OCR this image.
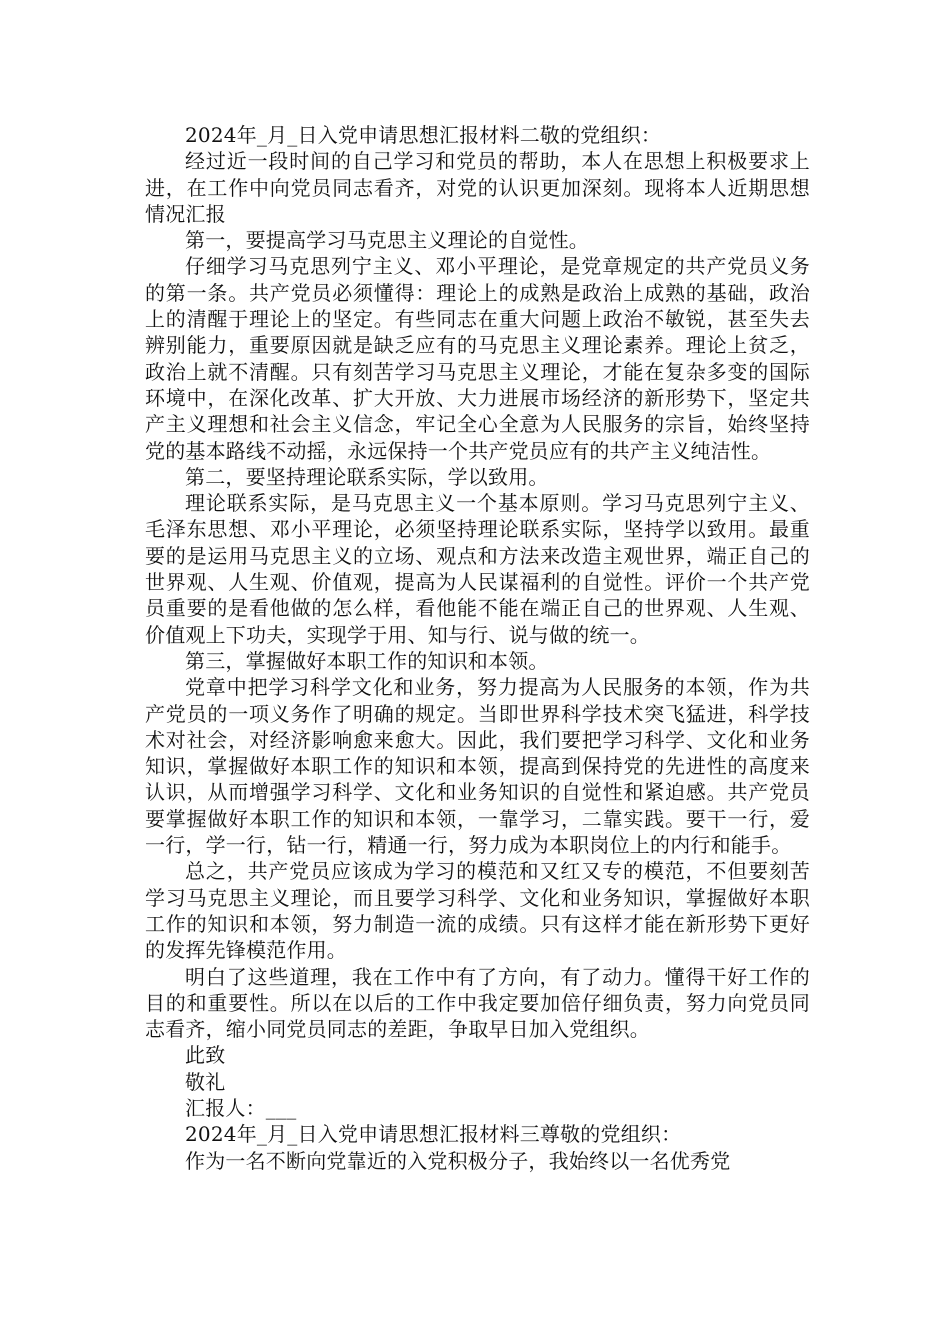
2024年_月_日入党申请思想汇报材料二敬的党组织：

经过近一段时间的自己学习和党员的帮助，本人在思想上积极要求上进，在工作中向党员同志看齐，对党的认识更加深刻。现将本人近期思想情况汇报

第一，要提高学习马克思主义理论的自觉性。

仔细学习马克思列宁主义、邓小平理论，是党章规定的共产党员义务的第一条。共产党员必须懂得：理论上的成熟是政治上成熟的基础，政治上的清醒于理论上的坚定。有些同志在重大问题上政治不敏锐，甚至失去辨别能力，重要原因就是缺乏应有的马克思主义理论素养。理论上贫乏，政治上就不清醒。只有刻苦学习马克思主义理论，才能在复杂多变的国际环境中，在深化改革、扩大开放、大力进展市场经济的新形势下，坚定共产主义理想和社会主义信念，牢记全心全意为人民服务的宗旨，始终坚持党的基本路线不动摇，永远保持一个共产党员应有的共产主义纯洁性。

第二，要坚持理论联系实际，学以致用。

理论联系实际，是马克思主义一个基本原则。学习马克思列宁主义、毛泽东思想、邓小平理论，必须坚持理论联系实际，坚持学以致用。最重要的是运用马克思主义的立场、观点和方法来改造主观世界，端正自己的世界观、人生观、价值观，提高为人民谋福利的自觉性。评价一个共产党员重要的是看他做的怎么样，看他能不能在端正自己的世界观、人生观、价值观上下功夫，实现学于用、知与行、说与做的统一。

第三，掌握做好本职工作的知识和本领。

党章中把学习科学文化和业务，努力提高为人民服务的本领，作为共产党员的一项义务作了明确的规定。当即世界科学技术突飞猛进，科学技术对社会，对经济影响愈来愈大。因此，我们要把学习科学、文化和业务知识，掌握做好本职工作的知识和本领，提高到保持党的先进性的高度来认识，从而增强学习科学、文化和业务知识的自觉性和紧迫感。共产党员要掌握做好本职工作的知识和本领，一靠学习，二靠实践。要干一行，爱一行，学一行，钻一行，精通一行，努力成为本职岗位上的内行和能手。

总之，共产党员应该成为学习的模范和又红又专的模范，不但要刻苦学习马克思主义理论，而且要学习科学、文化和业务知识，掌握做好本职工作的知识和本领，努力制造一流的成绩。只有这样才能在新形势下更好的发挥先锋模范作用。

明白了这些道理，我在工作中有了方向，有了动力。懂得干好工作的目的和重要性。所以在以后的工作中我定要加倍仔细负责，努力向党员同志看齐，缩小同党员同志的差距，争取早日加入党组织。

此致

敬礼

汇报人：___

2024年_月_日入党申请思想汇报材料三尊敬的党组织：

作为一名不断向党靠近的入党积极分子，我始终以一名优秀党
